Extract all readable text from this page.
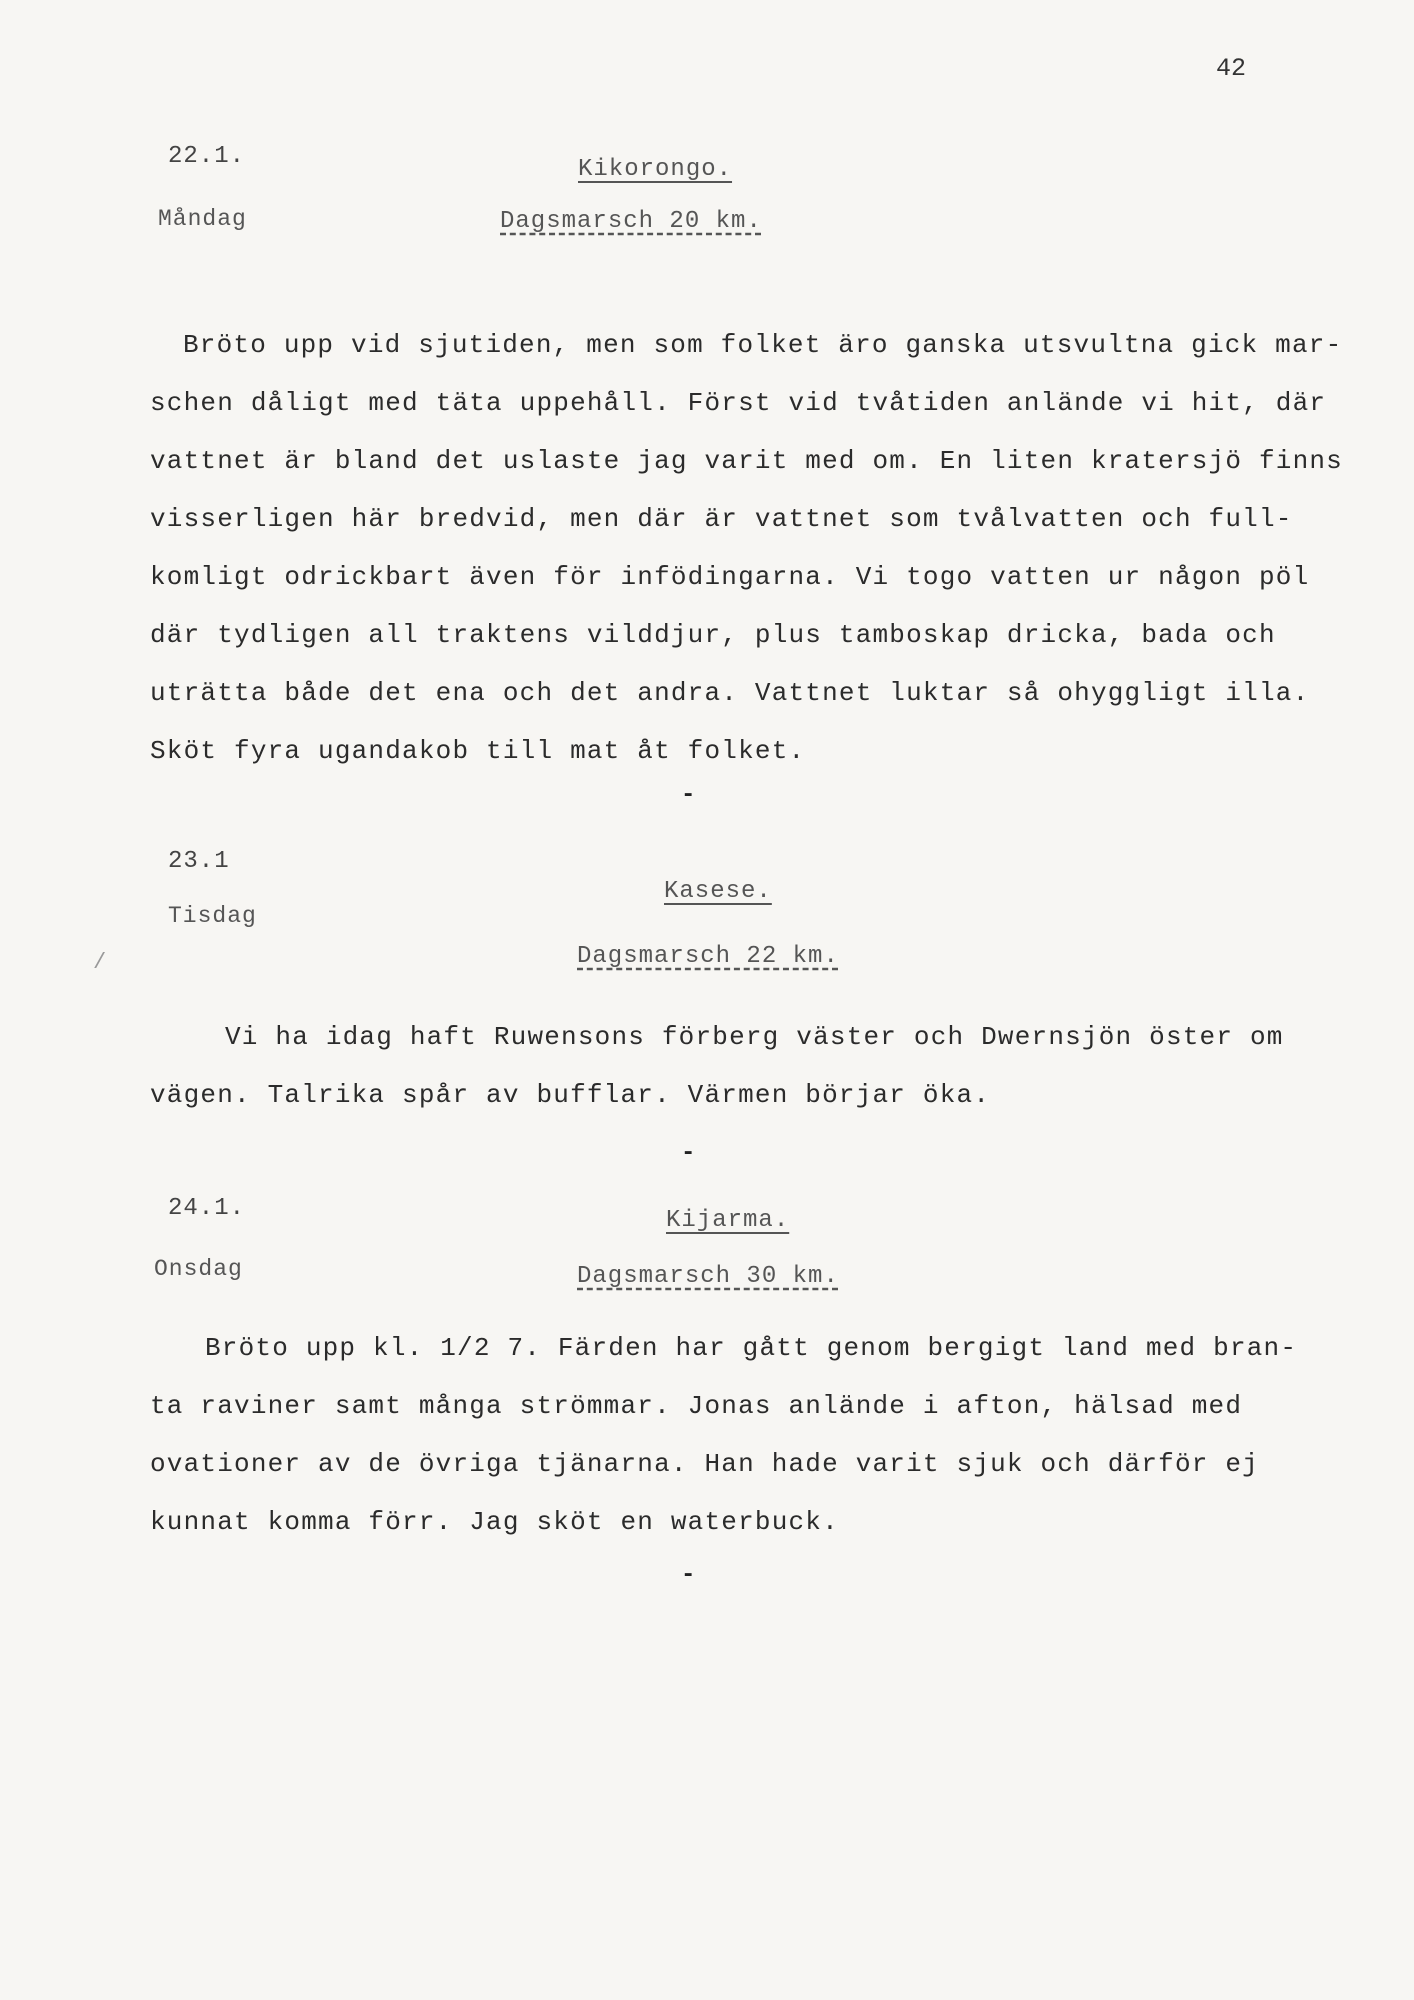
42
22.1.
Måndag
Kikorongo.
Dagsmarsch 20 km.
Bröto upp vid sjutiden, men som folket äro ganska utsvultna gick mar-
schen dåligt med täta uppehåll. Först vid tvåtiden anlände vi hit, där
vattnet är bland det uslaste jag varit med om. En liten kratersjö finns
visserligen här bredvid, men där är vattnet som tvålvatten och full-
komligt odrickbart även för infödingarna. Vi togo vatten ur någon pöl
där tydligen all traktens vilddjur, plus tamboskap dricka, bada och
uträtta både det ena och det andra. Vattnet luktar så ohyggligt illa.
Sköt fyra ugandakob till mat åt folket.
-
23.1
Tisdag
Kasese.
Dagsmarsch 22 km.
Vi ha idag haft Ruwensons förberg väster och Dwernsjön öster om
vägen. Talrika spår av bufflar. Värmen börjar öka.
-
24.1.
Onsdag
Kijarma.
Dagsmarsch 30 km.
Bröto upp kl. 1/2 7. Färden har gått genom bergigt land med bran-
ta raviner samt många strömmar. Jonas anlände i afton, hälsad med
ovationer av de övriga tjänarna. Han hade varit sjuk och därför ej
kunnat komma förr. Jag sköt en waterbuck.
-
/
